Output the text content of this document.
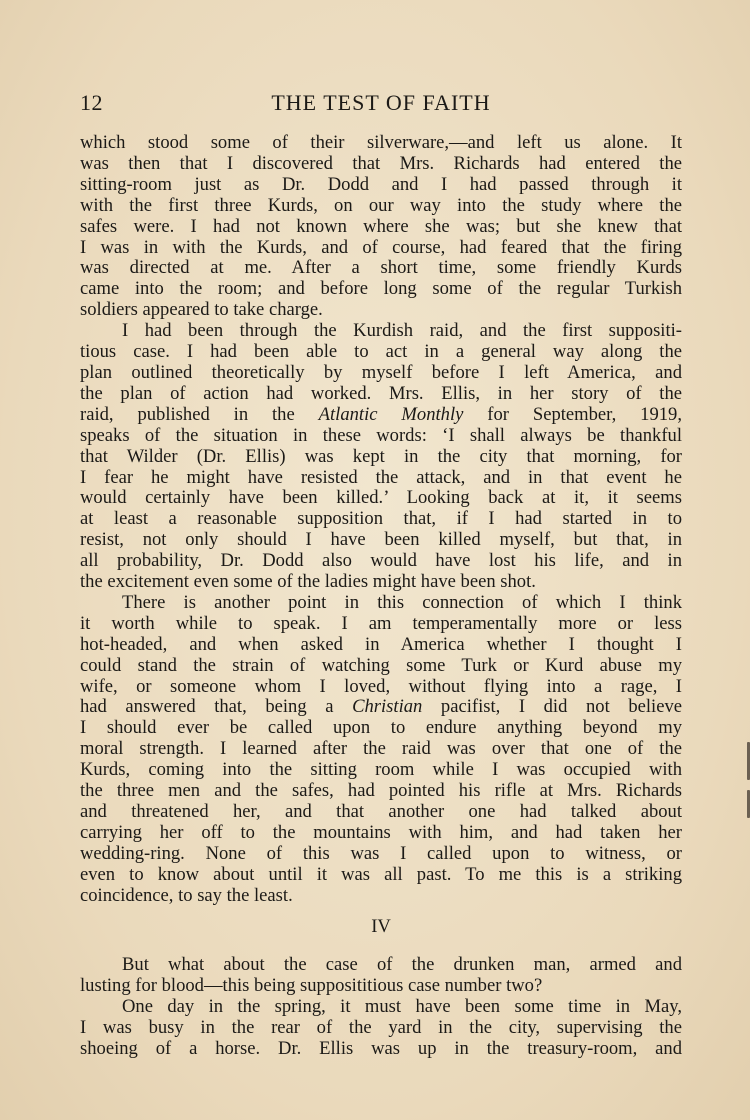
12	THE TEST OF FAITH

which stood some of their silverware,—and left us alone. It

was then that I discovered that Mrs. Richards had entered the

sitting-room just as Dr. Dodd and I had passed through it

with the first three Kurds, on our way into the study where the

safes were. I had not known where she was; but she knew that

I was in with the Kurds, and of course, had feared that the firing

was directed at me. After a short time, some friendly Kurds

came into the room; and before long some of the regular Turkish

soldiers appeared to take charge.

I had been through the Kurdish raid, and the first suppositi-

tious case. I had been able to act in a general way along the

plan outlined theoretically by myself before I left America, and

the plan of action had worked. Mrs. Ellis, in her story of the

raid, published in the Atlantic Monthly for September, 1919,

speaks of the situation in these words: ‘I shall always be thankful

that Wilder (Dr. Ellis) was kept in the city that morning, for

I fear he might have resisted the attack, and in that event he

would certainly have been killed.’ Looking back at it, it seems

at least a reasonable supposition that, if I had started in to

resist, not only should I have been killed myself, but that, in

all probability, Dr. Dodd also would have lost his life, and in

the excitement even some of the ladies might have been shot.

There is another point in this connection of which I think

it worth while to speak. I am temperamentally more or less

hot-headed, and when asked in America whether I thought I

could stand the strain of watching some Turk or Kurd abuse my

wife, or someone whom I loved, without flying into a rage, I

had answered that, being a Christian pacifist, I did not believe

I should ever be called upon to endure anything beyond my

moral strength. I learned after the raid was over that one of the

Kurds, coming into the sitting room while I was occupied with

the three men and the safes, had pointed his rifle at Mrs. Richards

and threatened her, and that another one had talked about

carrying her off to the mountains with him, and had taken her

wedding-ring. None of this was I called upon to witness, or

even to know about until it was all past. To me this is a striking

coincidence, to say the least.

IV

But what about the case of the drunken man, armed and

lusting for blood—this being supposititious case number two?

One day in the spring, it must have been some time in May,

I was busy in the rear of the yard in the city, supervising the

shoeing of a horse. Dr. Ellis was up in the treasury-room, and
